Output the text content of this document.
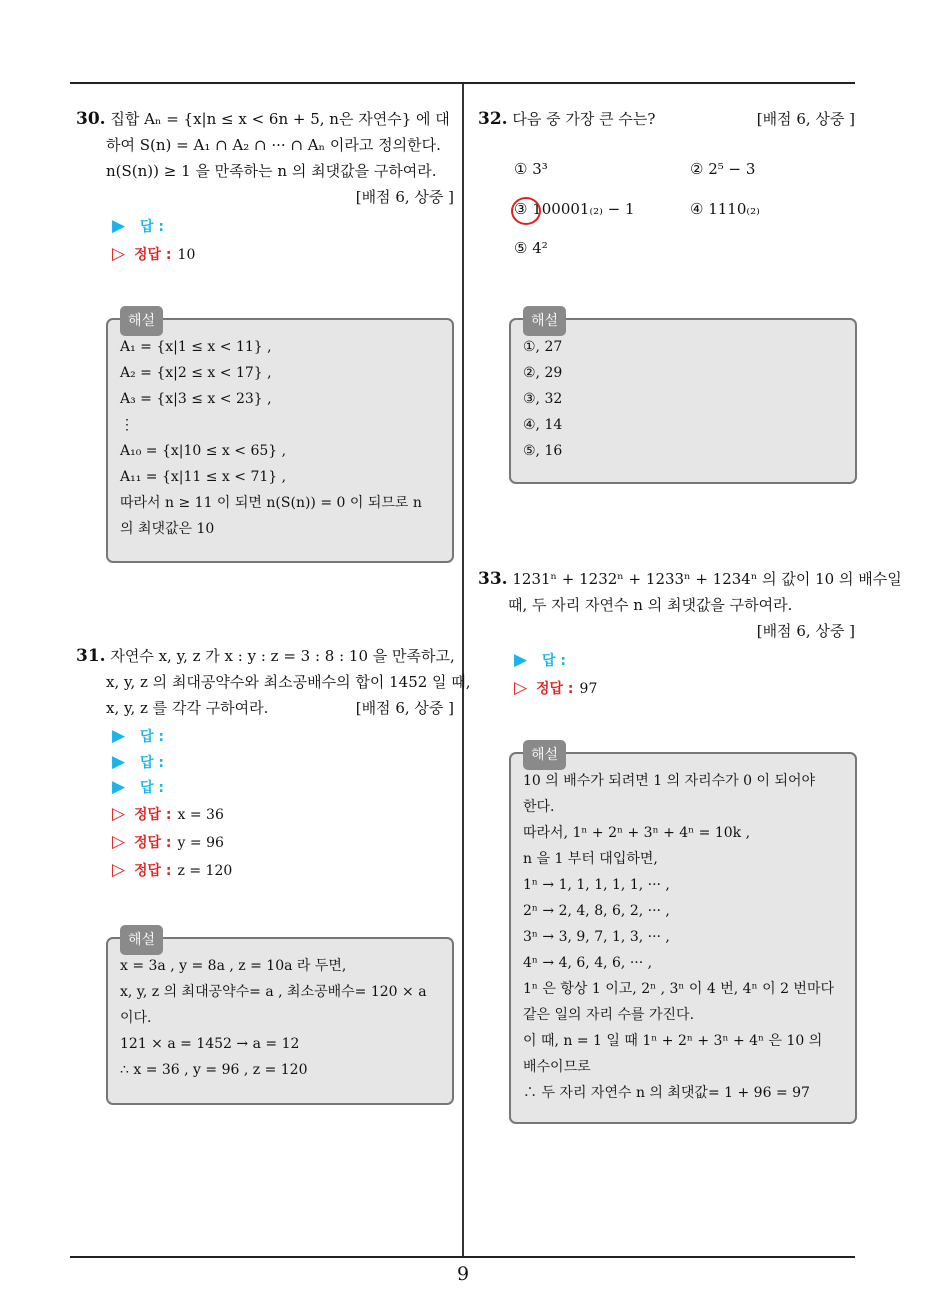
9
30. 집합 Aₙ = {x|n ≤ x < 6n + 5, n은 자연수} 에 대
하여 S(n) = A₁ ∩ A₂ ∩ ··· ∩ Aₙ 이라고 정의한다.
n(S(n)) ≥ 1 을 만족하는 n 의 최댓값을 구하여라.
[배점 6, 상중 ]
▶ 답 :
▷ 정답 : 10
해설
A₁ = {x|1 ≤ x < 11} ,
A₂ = {x|2 ≤ x < 17} ,
A₃ = {x|3 ≤ x < 23} ,
⋮
A₁₀ = {x|10 ≤ x < 65} ,
A₁₁ = {x|11 ≤ x < 71} ,
따라서 n ≥ 11 이 되면 n(S(n)) = 0 이 되므로 n
의 최댓값은 10
31. 자연수 x, y, z 가 x : y : z = 3 : 8 : 10 을 만족하고,
x, y, z 의 최대공약수와 최소공배수의 합이 1452 일 때,
x, y, z 를 각각 구하여라.	[배점 6, 상중 ]
▶ 답 :
▶ 답 :
▶ 답 :
▷ 정답 : x = 36
▷ 정답 : y = 96
▷ 정답 : z = 120
해설
x = 3a , y = 8a , z = 10a 라 두면,
x, y, z 의 최대공약수= a , 최소공배수= 120 × a
이다.
121 × a = 1452 → a = 12
∴ x = 36 , y = 96 , z = 120
32. 다음 중 가장 큰 수는?	[배점 6, 상중 ]
① 3³	② 2⁵ − 3
③ 100001₍₂₎ − 1	④ 1110₍₂₎
⑤ 4²
해설
①, 27
②, 29
③, 32
④, 14
⑤, 16
33. 1231ⁿ + 1232ⁿ + 1233ⁿ + 1234ⁿ 의 값이 10 의 배수일
때, 두 자리 자연수 n 의 최댓값을 구하여라.
[배점 6, 상중 ]
▶ 답 :
▷ 정답 : 97
해설
10 의 배수가 되려면 1 의 자리수가 0 이 되어야
한다.
따라서, 1ⁿ + 2ⁿ + 3ⁿ + 4ⁿ = 10k ,
n 을 1 부터 대입하면,
1ⁿ → 1, 1, 1, 1, 1, ··· ,
2ⁿ → 2, 4, 8, 6, 2, ··· ,
3ⁿ → 3, 9, 7, 1, 3, ··· ,
4ⁿ → 4, 6, 4, 6, ··· ,
1ⁿ 은 항상 1 이고, 2ⁿ , 3ⁿ 이 4 번, 4ⁿ 이 2 번마다
같은 일의 자리 수를 가진다.
이 때, n = 1 일 때 1ⁿ + 2ⁿ + 3ⁿ + 4ⁿ 은 10 의
배수이므로
∴ 두 자리 자연수 n 의 최댓값= 1 + 96 = 97
